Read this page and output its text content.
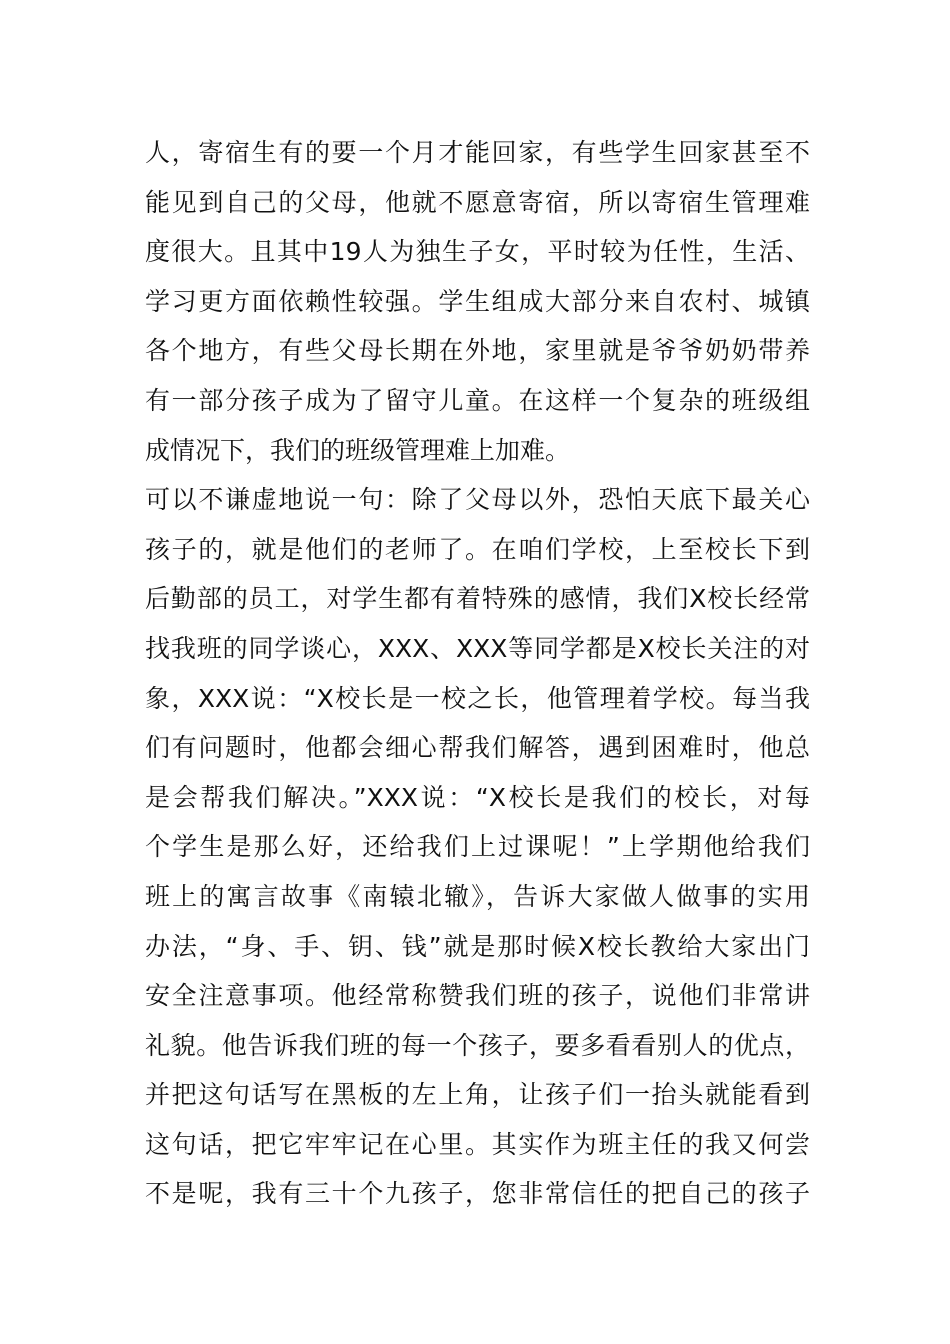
人，寄宿生有的要一个月才能回家，有些学生回家甚至不
能见到自己的父母，他就不愿意寄宿，所以寄宿生管理难
度很大。且其中19人为独生子女，平时较为任性，生活、
学习更方面依赖性较强。学生组成大部分来自农村、城镇
各个地方，有些父母长期在外地，家里就是爷爷奶奶带养
有一部分孩子成为了留守儿童。在这样一个复杂的班级组
成情况下，我们的班级管理难上加难。
可以不谦虚地说一句：除了父母以外，恐怕天底下最关心
孩子的，就是他们的老师了。在咱们学校，上至校长下到
后勤部的员工，对学生都有着特殊的感情，我们X校长经常
找我班的同学谈心，XXX、XXX等同学都是X校长关注的对
象，XXX说：“X校长是一校之长，他管理着学校。每当我
们有问题时，他都会细心帮我们解答，遇到困难时，他总
是会帮我们解决。”XXX说：“X校长是我们的校长，对每
个学生是那么好，还给我们上过课呢！”上学期他给我们
班上的寓言故事《南辕北辙》，告诉大家做人做事的实用
办法，“身、手、钥、钱”就是那时候X校长教给大家出门
安全注意事项。他经常称赞我们班的孩子，说他们非常讲
礼貌。他告诉我们班的每一个孩子，要多看看别人的优点，
并把这句话写在黑板的左上角，让孩子们一抬头就能看到
这句话，把它牢牢记在心里。其实作为班主任的我又何尝
不是呢，我有三十个九孩子，您非常信任的把自己的孩子
